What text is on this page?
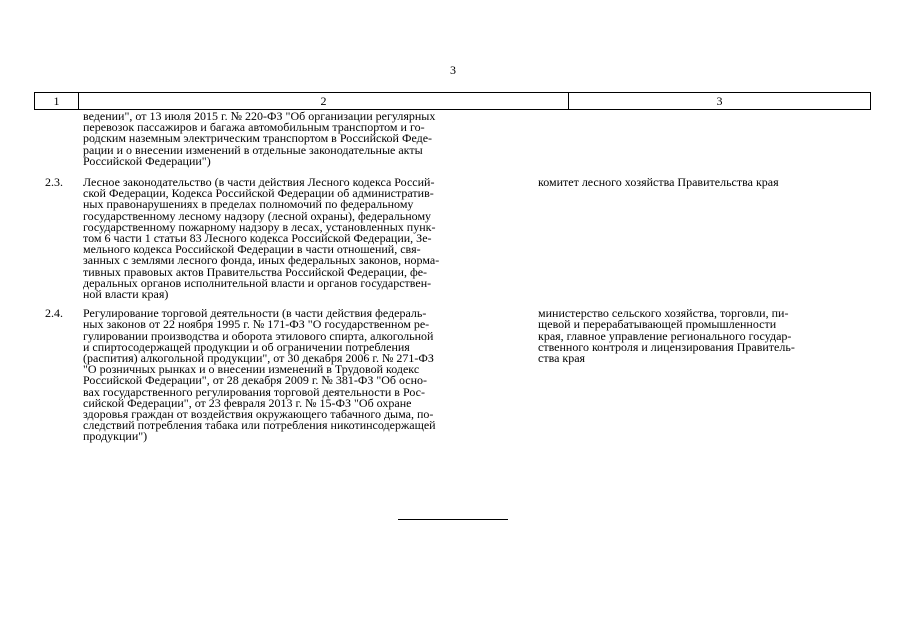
3
1	2	3
ведении", от 13 июля 2015 г. № 220-ФЗ "Об организации регулярных
перевозок пассажиров и багажа автомобильным транспортом и го-
родским наземным электрическим транспортом в Российской Феде-
рации и о внесении изменений в отдельные законодательные акты
Российской Федерации")
2.3. Лесное законодательство (в части действия Лесного кодекса Россий-
ской Федерации, Кодекса Российской Федерации об административ-
ных правонарушениях в пределах полномочий по федеральному
государственному лесному надзору (лесной охраны), федеральному
государственному пожарному надзору в лесах, установленных пунк-
том 6 части 1 статьи 83 Лесного кодекса Российской Федерации, Зе-
мельного кодекса Российской Федерации в части отношений, свя-
занных с землями лесного фонда, иных федеральных законов, норма-
тивных правовых актов Правительства Российской Федерации, фе-
деральных органов исполнительной власти и органов государствен-
ной власти края)
комитет лесного хозяйства Правительства края
2.4. Регулирование торговой деятельности (в части действия федераль-
ных законов от 22 ноября 1995 г. № 171-ФЗ "О государственном ре-
гулировании производства и оборота этилового спирта, алкогольной
и спиртосодержащей продукции и об ограничении потребления
(распития) алкогольной продукции", от 30 декабря 2006 г. № 271-ФЗ
"О розничных рынках и о внесении изменений в Трудовой кодекс
Российской Федерации", от 28 декабря 2009 г. № 381-ФЗ "Об осно-
вах государственного регулирования торговой деятельности в Рос-
сийской Федерации", от 23 февраля 2013 г. № 15-ФЗ "Об охране
здоровья граждан от воздействия окружающего табачного дыма, по-
следствий потребления табака или потребления никотинсодержащей
продукции")
министерство сельского хозяйства, торговли, пи-
щевой и перерабатывающей промышленности
края, главное управление регионального государ-
ственного контроля и лицензирования Правитель-
ства края
